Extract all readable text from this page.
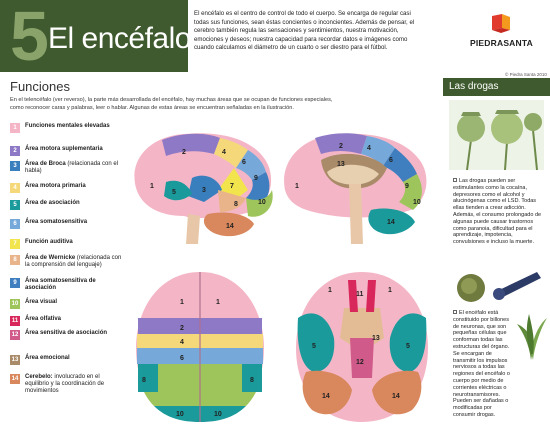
5 El encéfalo
El encéfalo es el centro de control de todo el cuerpo. Se encarga de regular casi todas sus funciones, sean éstas concientes o inconcientes. Además de pensar, el cerebro también regula las sensaciones y sentimientos, nuestra motivación, emociones y deseos; nuestra capacidad para recordar datos e imágenes como cuando calculamos el diámetro de un cuarto o ser diestro para el fútbol.	PIEDRASANTA
© Piedra Santa 2010
Funciones
En el telencéfalo (ver reverso), la parte más desarrollada del encéfalo, hay muchas áreas que se ocupan de funciones especiales, como reconocer caras y palabras, leer o hablar. Algunas de estas áreas se encuentran señaladas en la ilustración.
1	Funciones mentales elevadas
2	Área motora suplementaria
3	Área de Broca (relacionada con el habla)
4	Área motora primaria
5	Área de asociación
6	Área somatosensitiva
7	Función auditiva
8	Área de Wernicke (relacionada con la comprensión del lenguaje)
9	Área somatosensitiva de asociación
10 Área visual
11	Área olfativa
12 Área sensitiva de asociación
13 Área emocional
14 Cerebelo: involucrado en el equilibrio y la coordinación de movimientos
1
2
3
4
5
6
7
8
9
10
14
1
2	4
6
9
10
13
14
1	1
2
4
6
8	8
10	10
1	1
5	5
11
12
13
14	14
Las drogas
Las drogas pueden ser estimulantes como la cocaína, depresores como el alcohol y alucinógenas como el LSD. Todas ellas tienden a crear adicción. Además, el consumo prolongado de algunas puede causar trastornos como paranoia, dificultad para el aprendizaje, impotencia, convulsiones e incluso la muerte.
El encéfalo está constituido por billones de neuronas, que son pequeñas células que conforman todas las estructuras del órgano. Se encargan de transmitir los impulsos nerviosos a todas las regiones del encéfalo o cuerpo por medio de corrientes eléctricas o neurotransmisores. Pueden ser dañadas o modificadas por consumir drogas.
